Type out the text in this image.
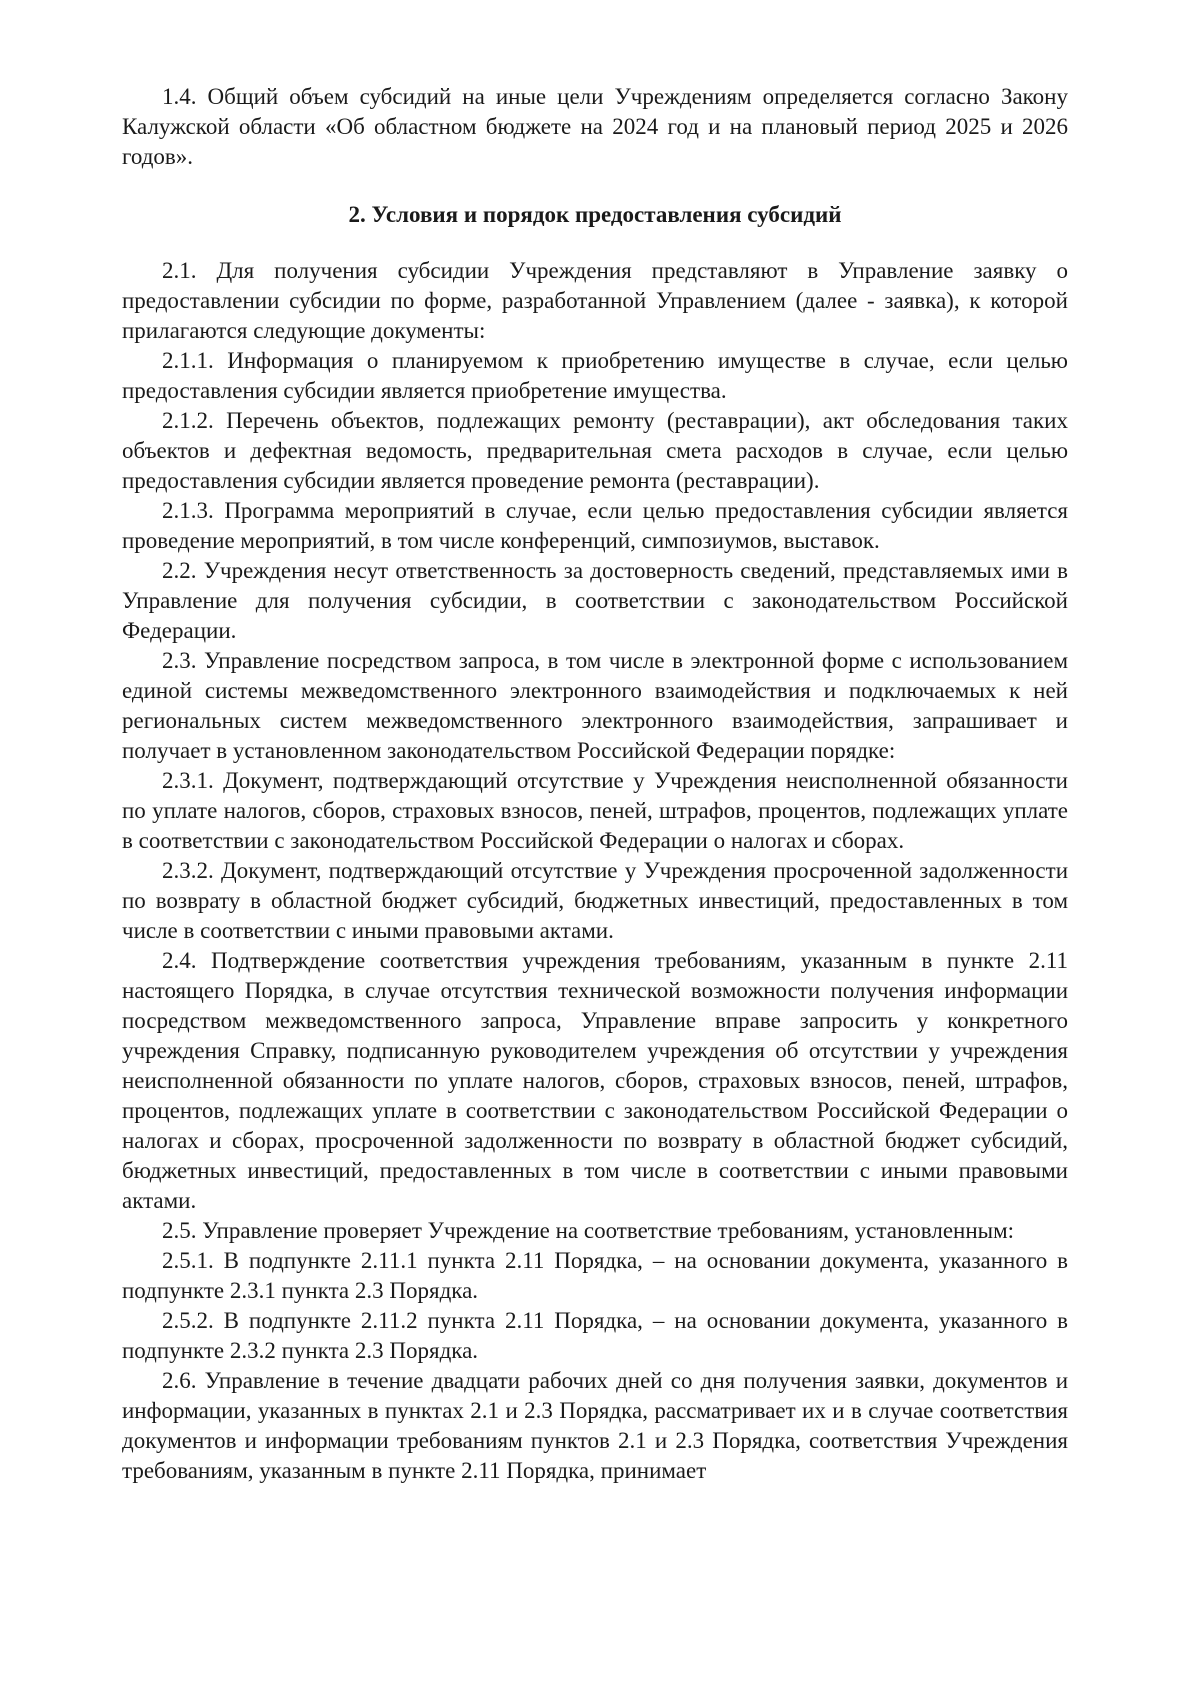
1.4. Общий объем субсидий на иные цели Учреждениям определяется согласно Закону Калужской области «Об областном бюджете на 2024 год и на плановый период 2025 и 2026 годов».

2. Условия и порядок предоставления субсидий

2.1. Для получения субсидии Учреждения представляют в Управление заявку о предоставлении субсидии по форме, разработанной Управлением (далее - заявка), к которой прилагаются следующие документы:

2.1.1. Информация о планируемом к приобретению имуществе в случае, если целью предоставления субсидии является приобретение имущества.

2.1.2. Перечень объектов, подлежащих ремонту (реставрации), акт обследования таких объектов и дефектная ведомость, предварительная смета расходов в случае, если целью предоставления субсидии является проведение ремонта (реставрации).

2.1.3. Программа мероприятий в случае, если целью предоставления субсидии является проведение мероприятий, в том числе конференций, симпозиумов, выставок.

2.2. Учреждения несут ответственность за достоверность сведений, представляемых ими в Управление для получения субсидии, в соответствии с законодательством Российской Федерации.

2.3. Управление посредством запроса, в том числе в электронной форме с использованием единой системы межведомственного электронного взаимодействия и подключаемых к ней региональных систем межведомственного электронного взаимодействия, запрашивает и получает в установленном законодательством Российской Федерации порядке:

2.3.1. Документ, подтверждающий отсутствие у Учреждения неисполненной обязанности по уплате налогов, сборов, страховых взносов, пеней, штрафов, процентов, подлежащих уплате в соответствии с законодательством Российской Федерации о налогах и сборах.

2.3.2. Документ, подтверждающий отсутствие у Учреждения просроченной задолженности по возврату в областной бюджет субсидий, бюджетных инвестиций, предоставленных в том числе в соответствии с иными правовыми актами.

2.4. Подтверждение соответствия учреждения требованиям, указанным в пункте 2.11 настоящего Порядка, в случае отсутствия технической возможности получения информации посредством межведомственного запроса, Управление вправе запросить у конкретного учреждения Справку, подписанную руководителем учреждения об отсутствии у учреждения неисполненной обязанности по уплате налогов, сборов, страховых взносов, пеней, штрафов, процентов, подлежащих уплате в соответствии с законодательством Российской Федерации о налогах и сборах, просроченной задолженности по возврату в областной бюджет субсидий, бюджетных инвестиций, предоставленных в том числе в соответствии с иными правовыми актами.

2.5. Управление проверяет Учреждение на соответствие требованиям, установленным:

2.5.1. В подпункте 2.11.1 пункта 2.11 Порядка, – на основании документа, указанного в подпункте 2.3.1 пункта 2.3 Порядка.

2.5.2. В подпункте 2.11.2 пункта 2.11 Порядка, – на основании документа, указанного в подпункте 2.3.2 пункта 2.3 Порядка.

2.6. Управление в течение двадцати рабочих дней со дня получения заявки, документов и информации, указанных в пунктах 2.1 и 2.3 Порядка, рассматривает их и в случае соответствия документов и информации требованиям пунктов 2.1 и 2.3 Порядка, соответствия Учреждения требованиям, указанным в пункте 2.11 Порядка, принимает
